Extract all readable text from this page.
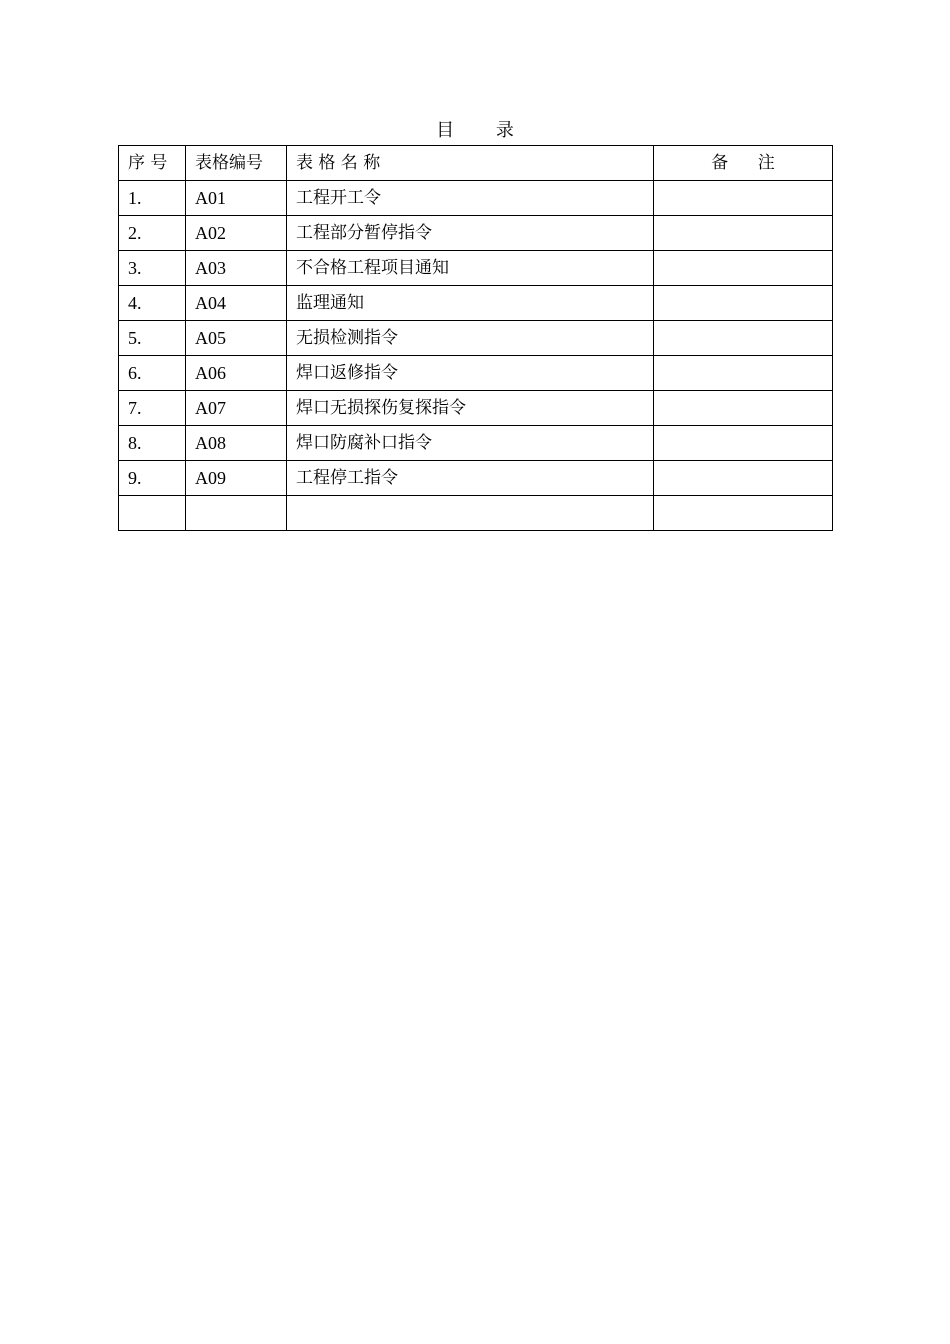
目 录
序 号	表格编号	表 格 名 称	备 注
1.	A01	工程开工令	
2.	A02	工程部分暂停指令	
3.	A03	不合格工程项目通知	
4.	A04	监理通知	
5.	A05	无损检测指令	
6.	A06	焊口返修指令	
7.	A07	焊口无损探伤复探指令	
8.	A08	焊口防腐补口指令	
9.	A09	工程停工指令	
